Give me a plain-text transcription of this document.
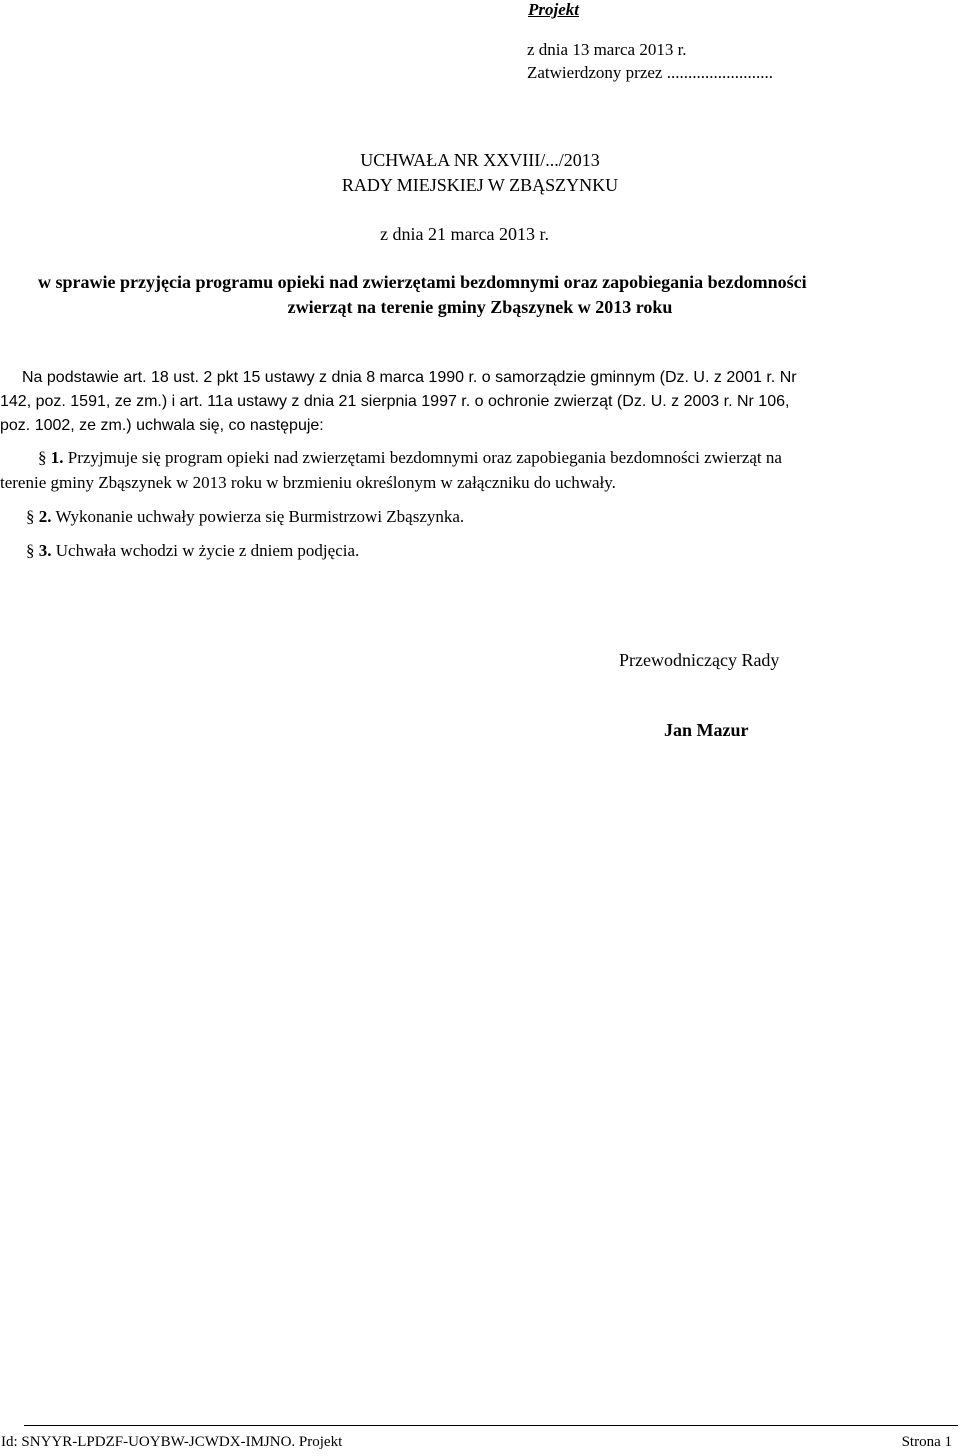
Projekt
z dnia 13 marca 2013 r.
Zatwierdzony przez .........................
UCHWAŁA NR XXVIII/.../2013
RADY MIEJSKIEJ W ZBĄSZYNKU
z dnia 21 marca 2013 r.
w sprawie przyjęcia programu opieki nad zwierzętami bezdomnymi oraz zapobiegania bezdomności
zwierząt na terenie gminy Zbąszynek w 2013 roku
Na podstawie art. 18 ust. 2 pkt 15 ustawy z dnia 8 marca 1990 r. o samorządzie gminnym (Dz. U. z 2001 r. Nr
142, poz. 1591, ze zm.) i art. 11a ustawy z dnia 21 sierpnia 1997 r. o ochronie zwierząt (Dz. U. z 2003 r. Nr 106,
poz. 1002, ze zm.) uchwala się, co następuje:
§ 1. Przyjmuje się program opieki nad zwierzętami bezdomnymi oraz zapobiegania bezdomności zwierząt na
terenie gminy Zbąszynek w 2013 roku w brzmieniu określonym w załączniku do uchwały.
§ 2. Wykonanie uchwały powierza się Burmistrzowi Zbąszynka.
§ 3. Uchwała wchodzi w życie z dniem podjęcia.
Przewodniczący Rady
Jan Mazur
Id: SNYYR-LPDZF-UOYBW-JCWDX-IMJNO. Projekt	Strona 1
